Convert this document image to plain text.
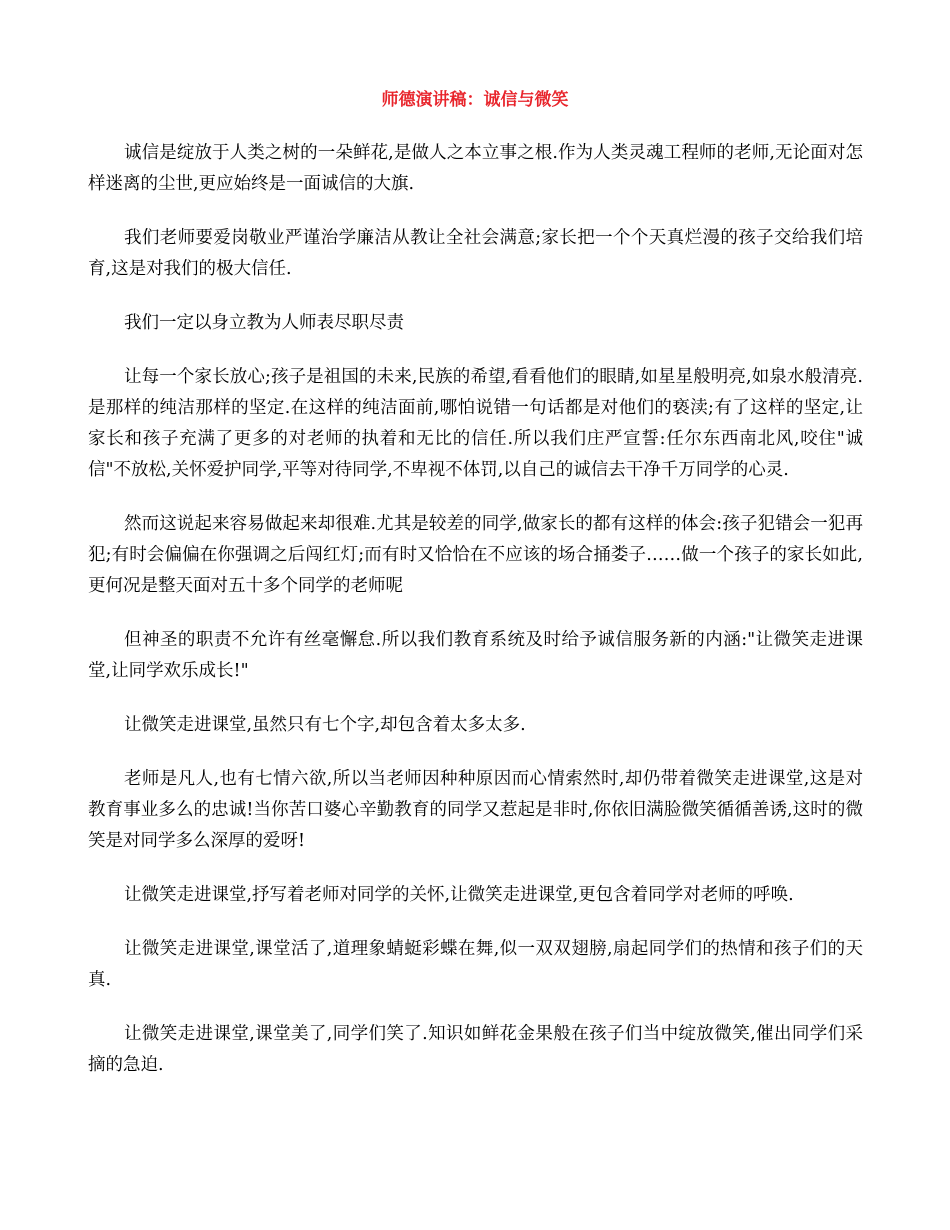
师德演讲稿：诚信与微笑

诚信是绽放于人类之树的一朵鲜花,是做人之本立事之根.作为人类灵魂工程师的老师,无论面对怎样迷离的尘世,更应始终是一面诚信的大旗.

我们老师要爱岗敬业严谨治学廉洁从教让全社会满意;家长把一个个天真烂漫的孩子交给我们培育,这是对我们的极大信任.

我们一定以身立教为人师表尽职尽责

让每一个家长放心;孩子是祖国的未来,民族的希望,看看他们的眼睛,如星星般明亮,如泉水般清亮.是那样的纯洁那样的坚定.在这样的纯洁面前,哪怕说错一句话都是对他们的亵渎;有了这样的坚定,让家长和孩子充满了更多的对老师的执着和无比的信任.所以我们庄严宣誓:任尔东西南北风,咬住"诚信"不放松,关怀爱护同学,平等对待同学,不卑视不体罚,以自己的诚信去干净千万同学的心灵.

然而这说起来容易做起来却很难.尤其是较差的同学,做家长的都有这样的体会:孩子犯错会一犯再犯;有时会偏偏在你强调之后闯红灯;而有时又恰恰在不应该的场合捅娄子……做一个孩子的家长如此,更何况是整天面对五十多个同学的老师呢

但神圣的职责不允许有丝毫懈怠.所以我们教育系统及时给予诚信服务新的内涵:"让微笑走进课堂,让同学欢乐成长!"

让微笑走进课堂,虽然只有七个字,却包含着太多太多.

老师是凡人,也有七情六欲,所以当老师因种种原因而心情索然时,却仍带着微笑走进课堂,这是对教育事业多么的忠诚!当你苦口婆心辛勤教育的同学又惹起是非时,你依旧满脸微笑循循善诱,这时的微笑是对同学多么深厚的爱呀!

让微笑走进课堂,抒写着老师对同学的关怀,让微笑走进课堂,更包含着同学对老师的呼唤.

让微笑走进课堂,课堂活了,道理象蜻蜓彩蝶在舞,似一双双翅膀,扇起同学们的热情和孩子们的天真.

让微笑走进课堂,课堂美了,同学们笑了.知识如鲜花金果般在孩子们当中绽放微笑,催出同学们采摘的急迫.
